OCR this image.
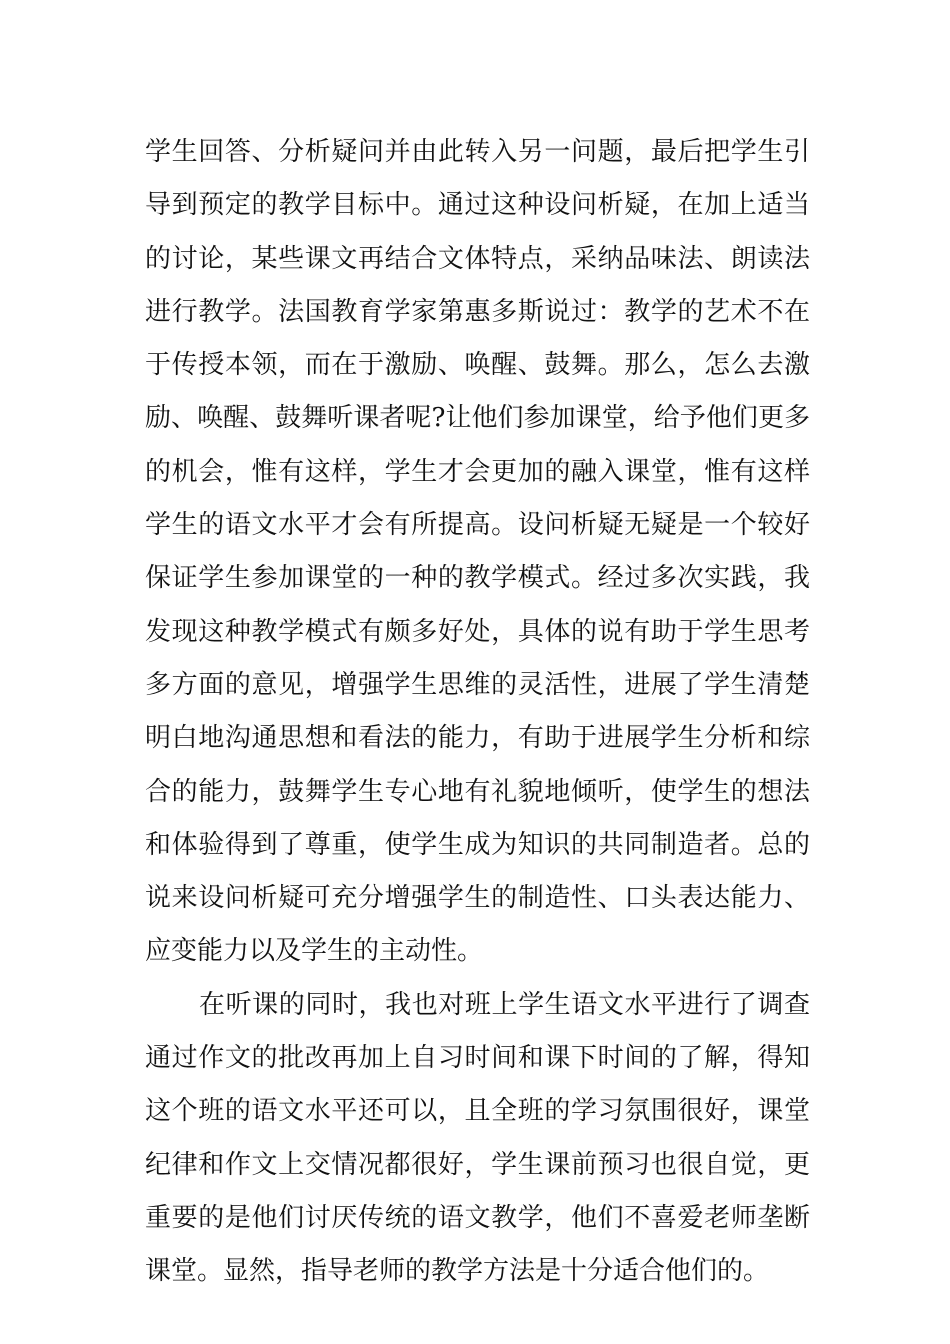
学生回答、分析疑问并由此转入另一问题，最后把学生引
导到预定的教学目标中。通过这种设问析疑，在加上适当
的讨论，某些课文再结合文体特点，采纳品味法、朗读法
进行教学。法国教育学家第惠多斯说过：教学的艺术不在
于传授本领，而在于激励、唤醒、鼓舞。那么，怎么去激
励、唤醒、鼓舞听课者呢?让他们参加课堂，给予他们更多
的机会，惟有这样，学生才会更加的融入课堂，惟有这样
学生的语文水平才会有所提高。设问析疑无疑是一个较好
保证学生参加课堂的一种的教学模式。经过多次实践，我
发现这种教学模式有颇多好处，具体的说有助于学生思考
多方面的意见，增强学生思维的灵活性，进展了学生清楚
明白地沟通思想和看法的能力，有助于进展学生分析和综
合的能力，鼓舞学生专心地有礼貌地倾听，使学生的想法
和体验得到了尊重，使学生成为知识的共同制造者。总的
说来设问析疑可充分增强学生的制造性、口头表达能力、
应变能力以及学生的主动性。
在听课的同时，我也对班上学生语文水平进行了调查
通过作文的批改再加上自习时间和课下时间的了解，得知
这个班的语文水平还可以，且全班的学习氛围很好，课堂
纪律和作文上交情况都很好，学生课前预习也很自觉，更
重要的是他们讨厌传统的语文教学，他们不喜爱老师垄断
课堂。显然，指导老师的教学方法是十分适合他们的。
